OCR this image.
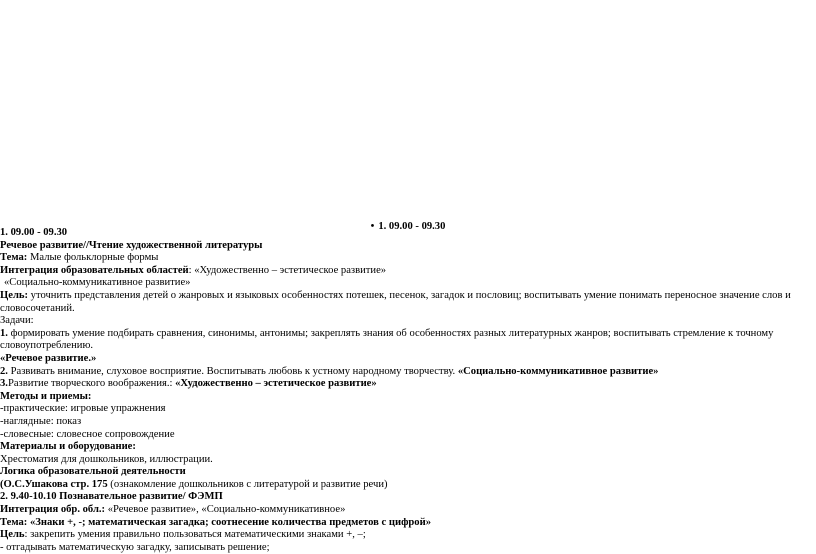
• 1. 09.00 - 09.30

1. 09.00 - 09.30

Речевое развитие//Чтение художественной литературы

Тема: Малые фольклорные формы

Интеграция образовательных областей: «Художественно – эстетическое развитие»

«Социально-коммуникативное развитие»

Цель: уточнить представления детей о жанровых и языковых особенностях потешек, песенок, загадок и пословиц; воспитывать умение понимать переносное значение слов и словосочетаний.

Задачи:

1. формировать умение подбирать сравнения, синонимы, антонимы; закреплять знания об особенностях разных литературных жанров; воспитывать стремление к точному словоупотреблению.

«Речевое развитие.»

2. Развивать внимание, слуховое восприятие. Воспитывать любовь к устному народному творчеству. «Социально-коммуникативное развитие»

3.Развитие творческого воображения.: «Художественно – эстетическое развитие»

Методы и приемы:

-практические: игровые упражнения

-наглядные: показ

-словесные: словесное сопровождение

Материалы и оборудование:

Хрестоматия для дошкольников, иллюстрации.

Логика образовательной деятельности

(О.С.Ушакова стр. 175 (ознакомление дошкольников с литературой и развитие речи)

2. 9.40-10.10 Познавательное развитие/ ФЭМП

Интеграция обр. обл.: «Речевое развитие», «Социально-коммуникативное»

Тема: «Знаки +, -; математическая загадка; соотнесение количества предметов с цифрой»

Цель: закрепить умения правильно пользоваться математическими знаками +, –;

- отгадывать математическую загадку, записывать решение;
